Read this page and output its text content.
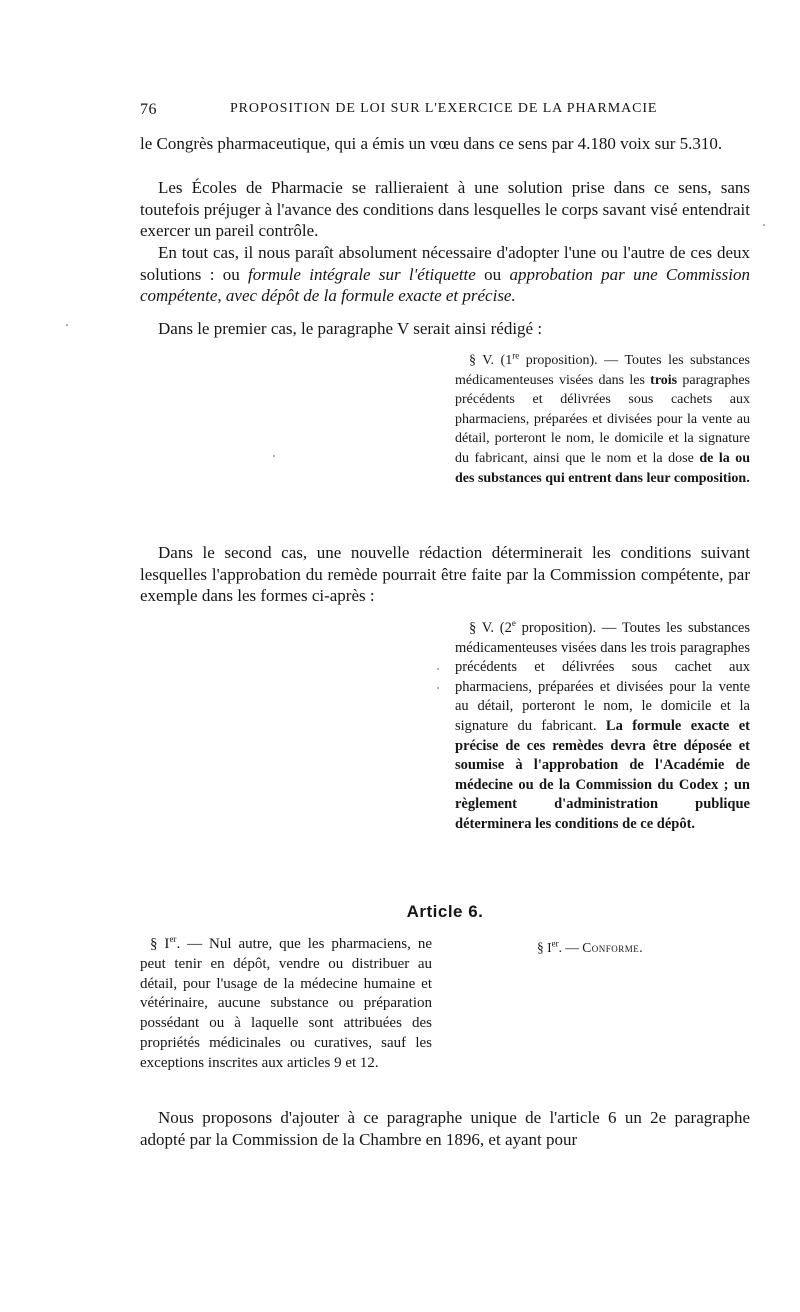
76	PROPOSITION DE LOI SUR L'EXERCICE DE LA PHARMACIE

le Congrès pharmaceutique, qui a émis un vœu dans ce sens par 4.180 voix sur 5.310.

Les Écoles de Pharmacie se rallieraient à une solution prise dans ce sens, sans toutefois préjuger à l'avance des conditions dans lesquelles le corps savant visé entendrait exercer un pareil contrôle.

En tout cas, il nous paraît absolument nécessaire d'adopter l'une ou l'autre de ces deux solutions : ou formule intégrale sur l'étiquette ou approbation par une Commission compétente, avec dépôt de la formule exacte et précise.

Dans le premier cas, le paragraphe V serait ainsi rédigé :

§ V. (1re proposition). — Toutes les substances médicamenteuses visées dans les trois paragraphes précédents et délivrées sous cachets aux pharmaciens, préparées et divisées pour la vente au détail, porteront le nom, le domicile et la signature du fabricant, ainsi que le nom et la dose de la ou des substances qui entrent dans leur composition.

Dans le second cas, une nouvelle rédaction déterminerait les conditions suivant lesquelles l'approbation du remède pourrait être faite par la Commission compétente, par exemple dans les formes ci-après :

§ V. (2e proposition). — Toutes les substances médicamenteuses visées dans les trois paragraphes précédents et délivrées sous cachet aux pharmaciens, préparées et divisées pour la vente au détail, porteront le nom, le domicile et la signature du fabricant. La formule exacte et précise de ces remèdes devra être déposée et soumise à l'approbation de l'Académie de médecine ou de la Commission du Codex ; un règlement d'administration publique déterminera les conditions de ce dépôt.

Article 6.

§ Ier. — Nul autre, que les pharmaciens, ne peut tenir en dépôt, vendre ou distribuer au détail, pour l'usage de la médecine humaine et vétérinaire, aucune substance ou préparation possédant ou à laquelle sont attribuées des propriétés médicinales ou curatives, sauf les exceptions inscrites aux articles 9 et 12.

§ Ier. — Conforme.

Nous proposons d'ajouter à ce paragraphe unique de l'article 6 un 2e paragraphe adopté par la Commission de la Chambre en 1896, et ayant pour
